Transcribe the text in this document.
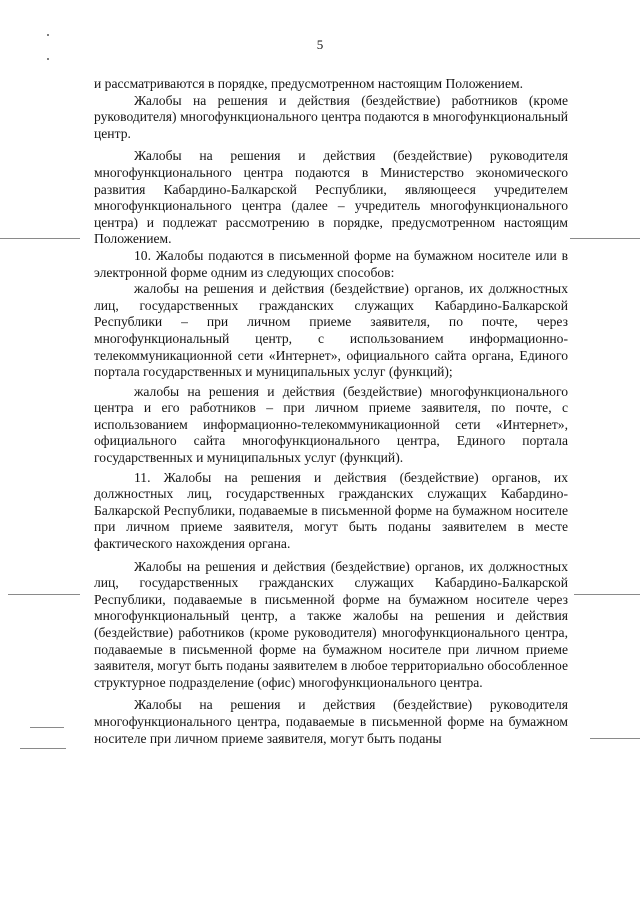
5

и рассматриваются в порядке, предусмотренном настоящим Положением.

Жалобы на решения и действия (бездействие) работников (кроме руководителя) многофункционального центра подаются в многофункциональный центр.

Жалобы на решения и действия (бездействие) руководителя многофункционального центра подаются в Министерство экономического развития Кабардино-Балкарской Республики, являющееся учредителем многофункционального центра (далее – учредитель многофункционального центра) и подлежат рассмотрению в порядке, предусмотренном настоящим Положением.

10. Жалобы подаются в письменной форме на бумажном носителе или в электронной форме одним из следующих способов:

жалобы на решения и действия (бездействие) органов, их должностных лиц, государственных гражданских служащих Кабардино-Балкарской Республики – при личном приеме заявителя, по почте, через многофункциональный центр, с использованием информационно-телекоммуникационной сети «Интернет», официального сайта органа, Единого портала государственных и муниципальных услуг (функций);

жалобы на решения и действия (бездействие) многофункционального центра и его работников – при личном приеме заявителя, по почте, с использованием информационно-телекоммуникационной сети «Интернет», официального сайта многофункционального центра, Единого портала государственных и муниципальных услуг (функций).

11. Жалобы на решения и действия (бездействие) органов, их должностных лиц, государственных гражданских служащих Кабардино-Балкарской Республики, подаваемые в письменной форме на бумажном носителе при личном приеме заявителя, могут быть поданы заявителем в месте фактического нахождения органа.

Жалобы на решения и действия (бездействие) органов, их должностных лиц, государственных гражданских служащих Кабардино-Балкарской Республики, подаваемые в письменной форме на бумажном носителе через многофункциональный центр, а также жалобы на решения и действия (бездействие) работников (кроме руководителя) многофункционального центра, подаваемые в письменной форме на бумажном носителе при личном приеме заявителя, могут быть поданы заявителем в любое территориально обособленное структурное подразделение (офис) многофункционального центра.

Жалобы на решения и действия (бездействие) руководителя многофункционального центра, подаваемые в письменной форме на бумажном носителе при личном приеме заявителя, могут быть поданы
